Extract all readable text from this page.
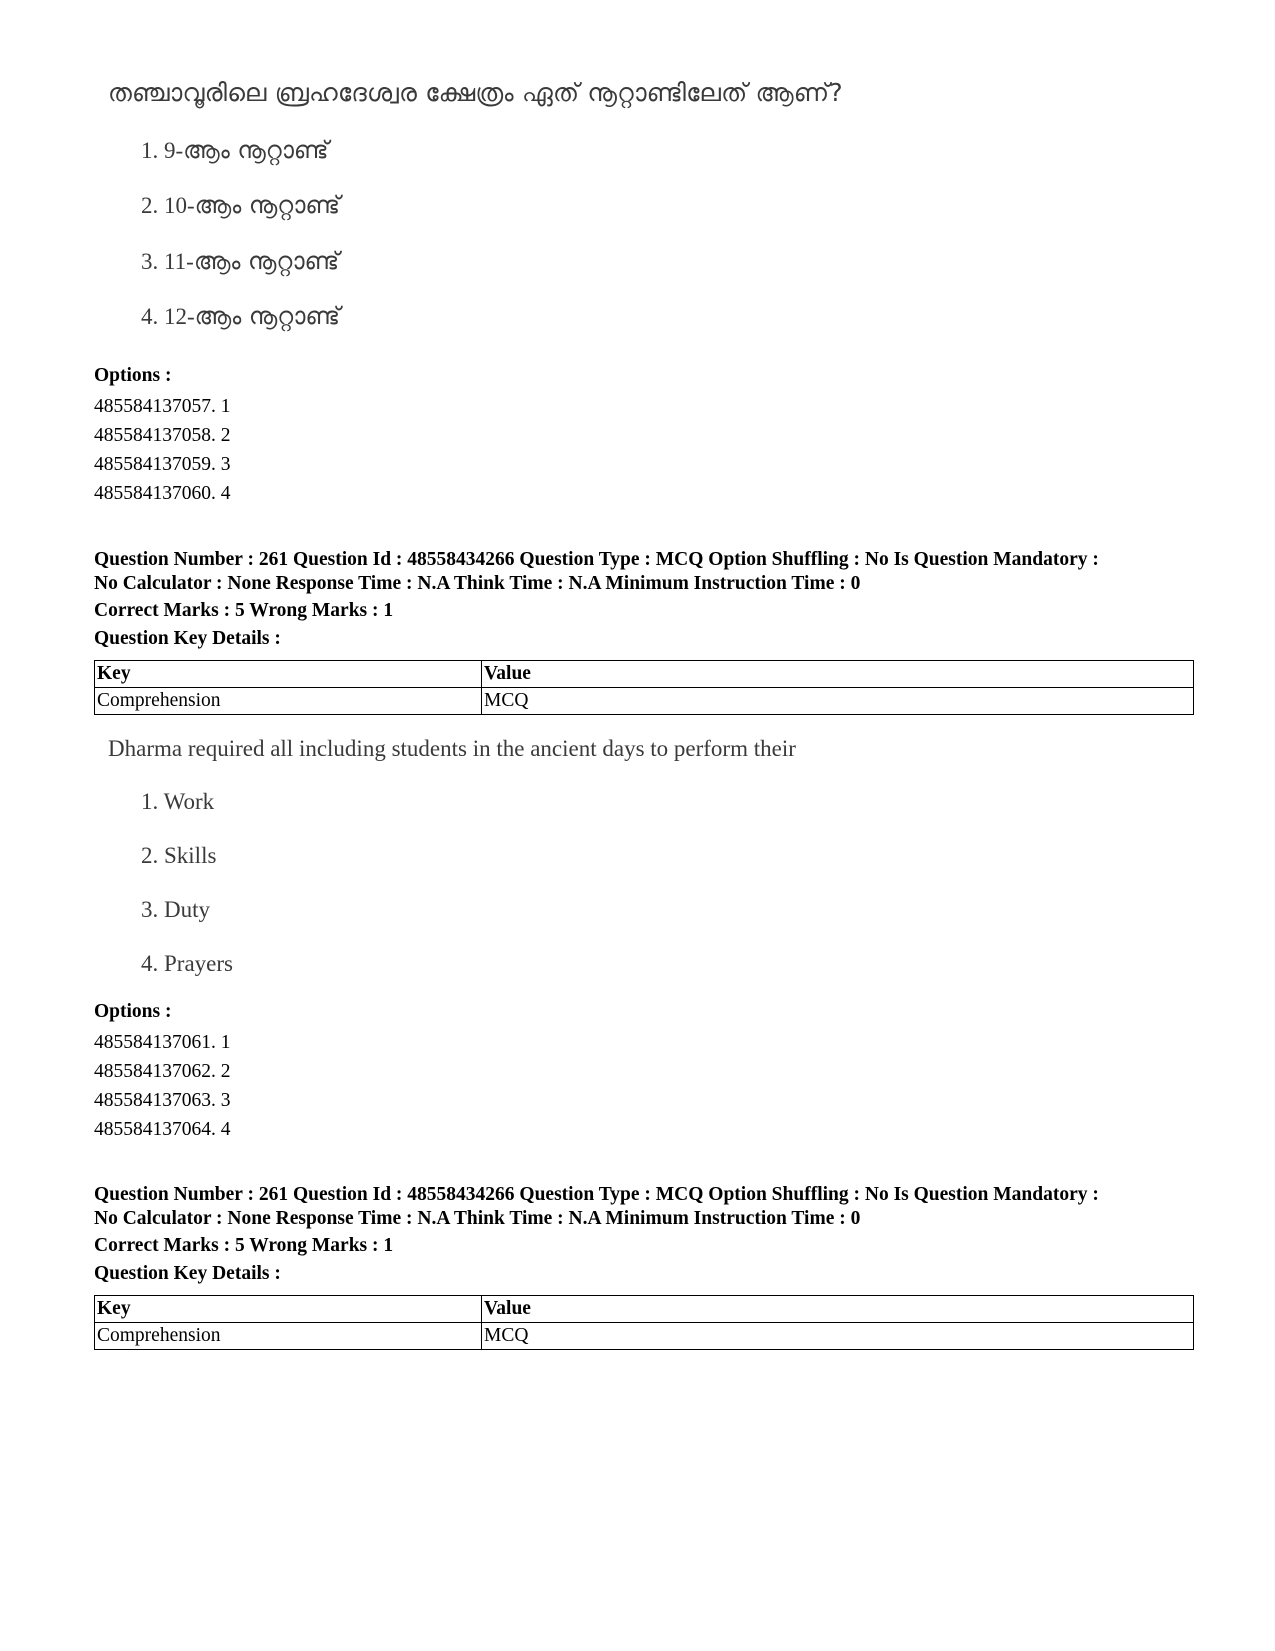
തഞ്ചാവൂരിലെ ബ്രഹദേശ്വര ക്ഷേത്രം ഏത് നൂറ്റാണ്ടിലേത് ആണ്?
1. 9-ആം നൂറ്റാണ്ട്
2. 10-ആം നൂറ്റാണ്ട്
3. 11-ആം നൂറ്റാണ്ട്
4. 12-ആം നൂറ്റാണ്ട്

Options :

485584137057. 1

485584137058. 2

485584137059. 3

485584137060. 4

Question Number : 261 Question Id : 48558434266 Question Type : MCQ Option Shuffling : No Is Question Mandatory :

No Calculator : None Response Time : N.A Think Time : N.A Minimum Instruction Time : 0

Correct Marks : 5 Wrong Marks : 1

Question Key Details :

Key	Value
Comprehension	MCQ
Dharma required all including students in the ancient days to perform their
1. Work
2. Skills
3. Duty
4. Prayers

Options :

485584137061. 1

485584137062. 2

485584137063. 3

485584137064. 4

Question Number : 261 Question Id : 48558434266 Question Type : MCQ Option Shuffling : No Is Question Mandatory :

No Calculator : None Response Time : N.A Think Time : N.A Minimum Instruction Time : 0

Correct Marks : 5 Wrong Marks : 1

Question Key Details :

Key	Value
Comprehension	MCQ
